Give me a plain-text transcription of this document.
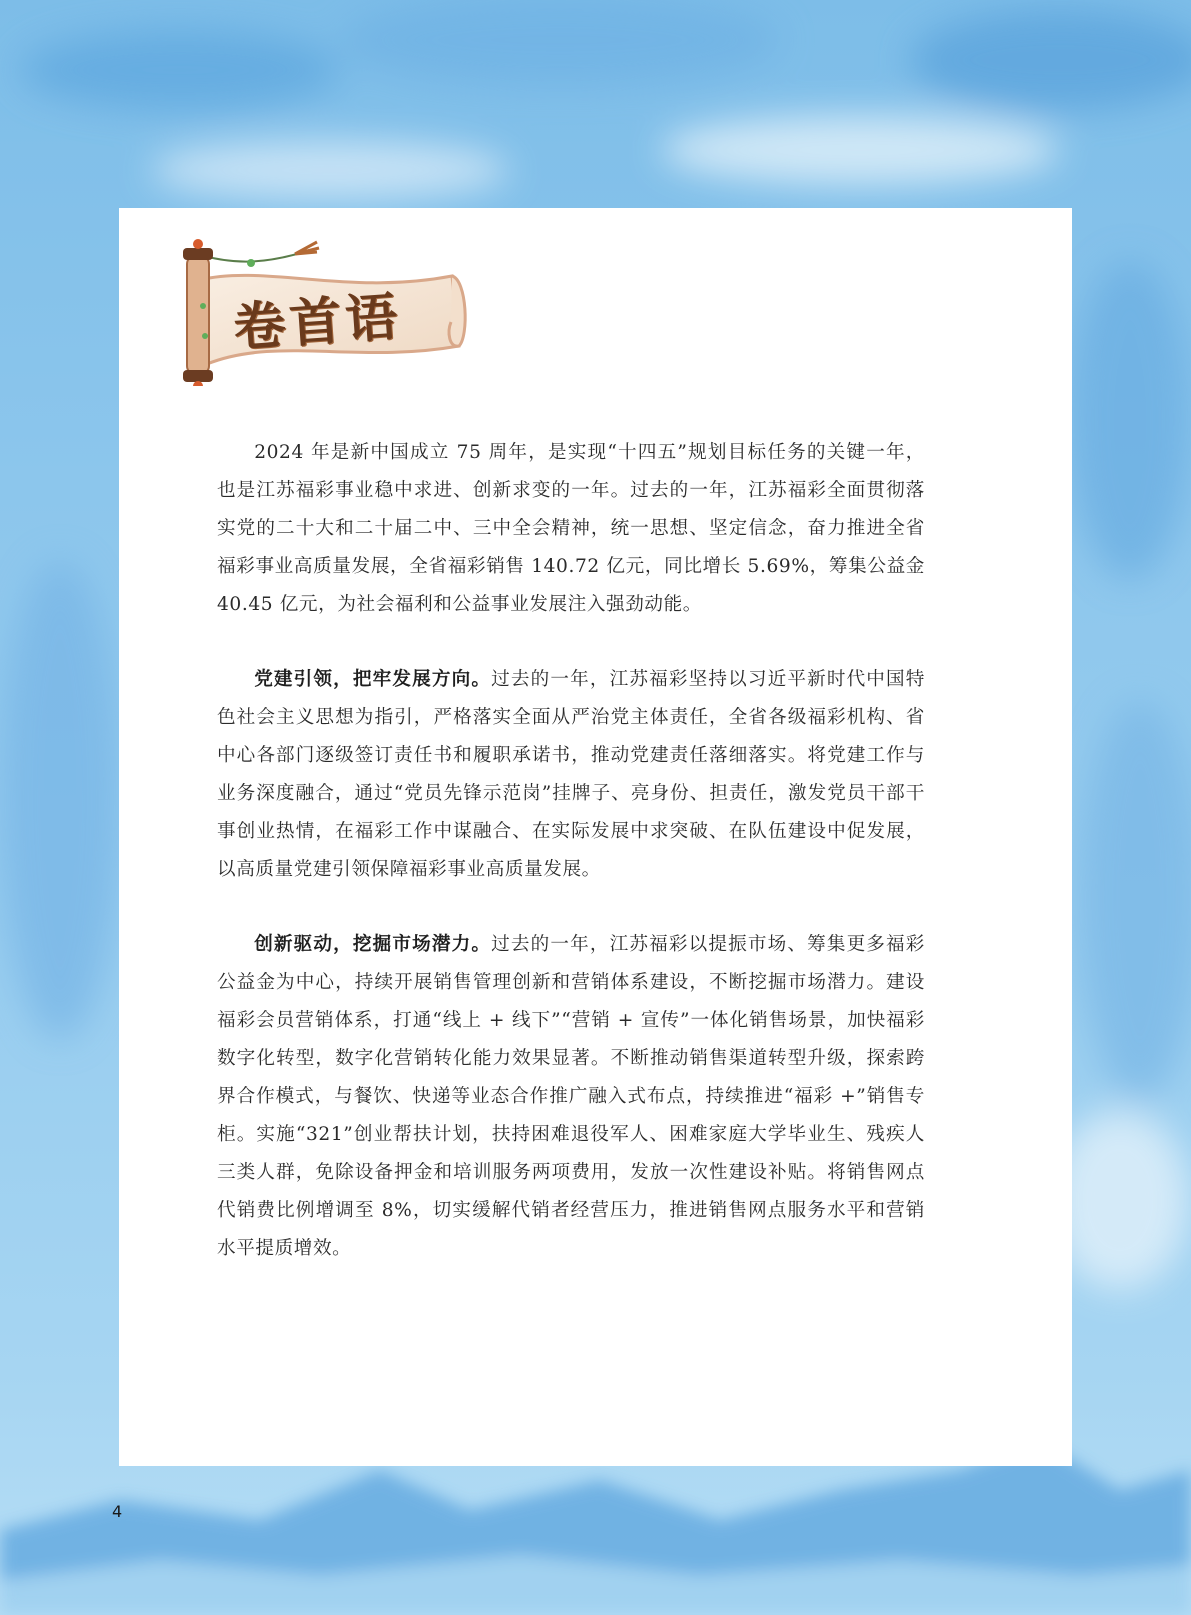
卷首语

2024 年是新中国成立 75 周年，是实现“十四五”规划目标任务的关键一年，也是江苏福彩事业稳中求进、创新求变的一年。过去的一年，江苏福彩全面贯彻落实党的二十大和二十届二中、三中全会精神，统一思想、坚定信念，奋力推进全省福彩事业高质量发展，全省福彩销售 140.72 亿元，同比增长 5.69%，筹集公益金 40.45 亿元，为社会福利和公益事业发展注入强劲动能。

党建引领，把牢发展方向。过去的一年，江苏福彩坚持以习近平新时代中国特色社会主义思想为指引，严格落实全面从严治党主体责任，全省各级福彩机构、省中心各部门逐级签订责任书和履职承诺书，推动党建责任落细落实。将党建工作与业务深度融合，通过“党员先锋示范岗”挂牌子、亮身份、担责任，激发党员干部干事创业热情，在福彩工作中谋融合、在实际发展中求突破、在队伍建设中促发展，以高质量党建引领保障福彩事业高质量发展。

创新驱动，挖掘市场潜力。过去的一年，江苏福彩以提振市场、筹集更多福彩公益金为中心，持续开展销售管理创新和营销体系建设，不断挖掘市场潜力。建设福彩会员营销体系，打通“线上 + 线下”“营销 + 宣传”一体化销售场景，加快福彩数字化转型，数字化营销转化能力效果显著。不断推动销售渠道转型升级，探索跨界合作模式，与餐饮、快递等业态合作推广融入式布点，持续推进“福彩 +”销售专柜。实施“321”创业帮扶计划，扶持困难退役军人、困难家庭大学毕业生、残疾人三类人群，免除设备押金和培训服务两项费用，发放一次性建设补贴。将销售网点代销费比例增调至 8%，切实缓解代销者经营压力，推进销售网点服务水平和营销水平提质增效。

4
